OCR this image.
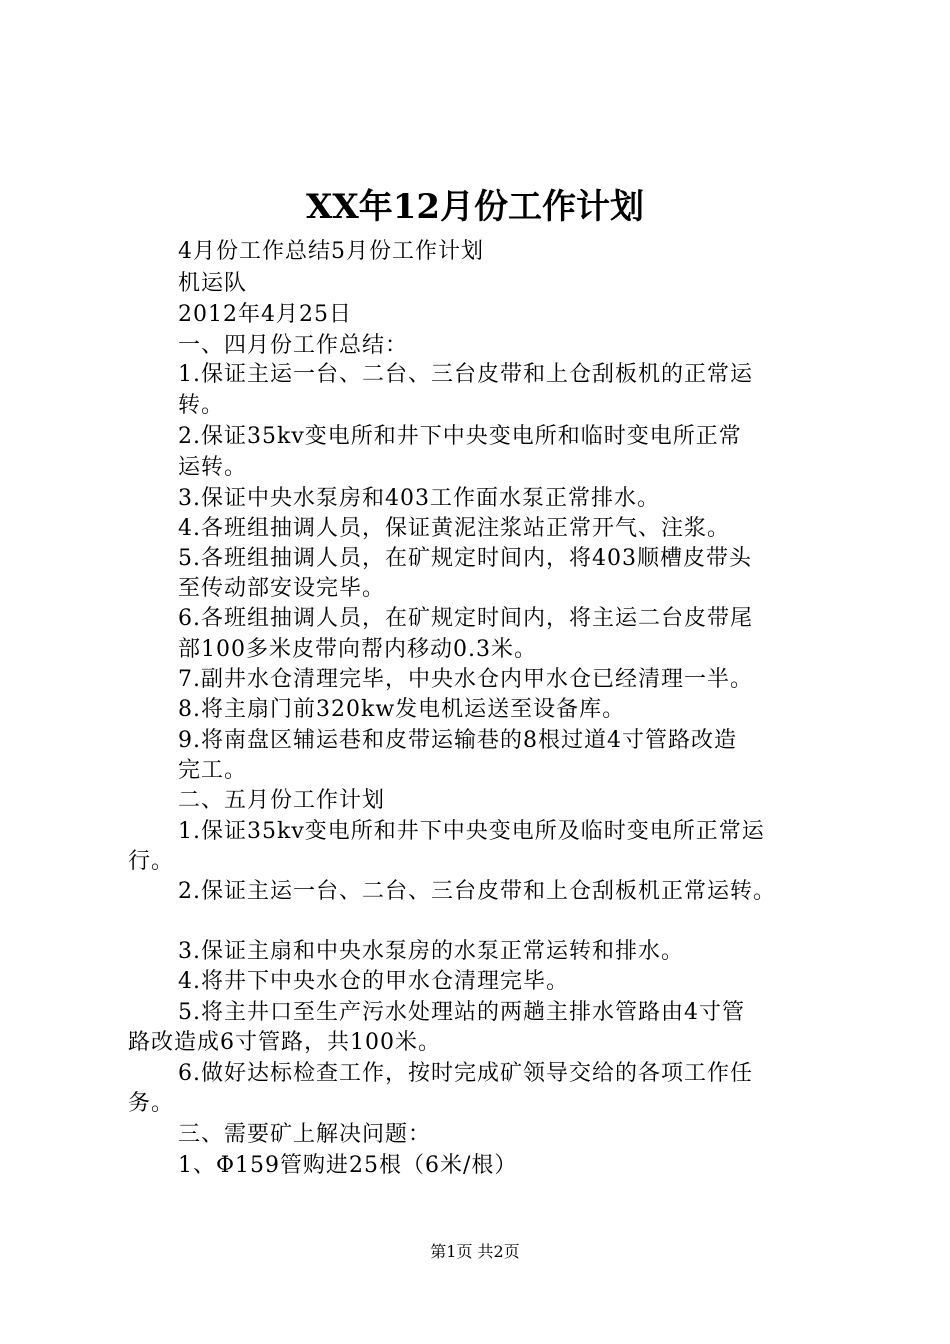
XX年12月份工作计划
4月份工作总结5月份工作计划
机运队
2012年4月25日
一、四月份工作总结：
1.保证主运一台、二台、三台皮带和上仓刮板机的正常运
转。
2.保证35kv变电所和井下中央变电所和临时变电所正常
运转。
3.保证中央水泵房和403工作面水泵正常排水。
4.各班组抽调人员，保证黄泥注浆站正常开气、注浆。
5.各班组抽调人员，在矿规定时间内，将403顺槽皮带头
至传动部安设完毕。
6.各班组抽调人员，在矿规定时间内，将主运二台皮带尾
部100多米皮带向帮内移动0.3米。
7.副井水仓清理完毕，中央水仓内甲水仓已经清理一半。
8.将主扇门前320kw发电机运送至设备库。
9.将南盘区辅运巷和皮带运输巷的8根过道4寸管路改造
完工。
二、五月份工作计划
1.保证35kv变电所和井下中央变电所及临时变电所正常运
行。
2.保证主运一台、二台、三台皮带和上仓刮板机正常运转。
3.保证主扇和中央水泵房的水泵正常运转和排水。
4.将井下中央水仓的甲水仓清理完毕。
5.将主井口至生产污水处理站的两趟主排水管路由4寸管
路改造成6寸管路，共100米。
6.做好达标检查工作，按时完成矿领导交给的各项工作任
务。
三、需要矿上解决问题：
1、Φ159管购进25根（6米/根）
第1页 共2页
